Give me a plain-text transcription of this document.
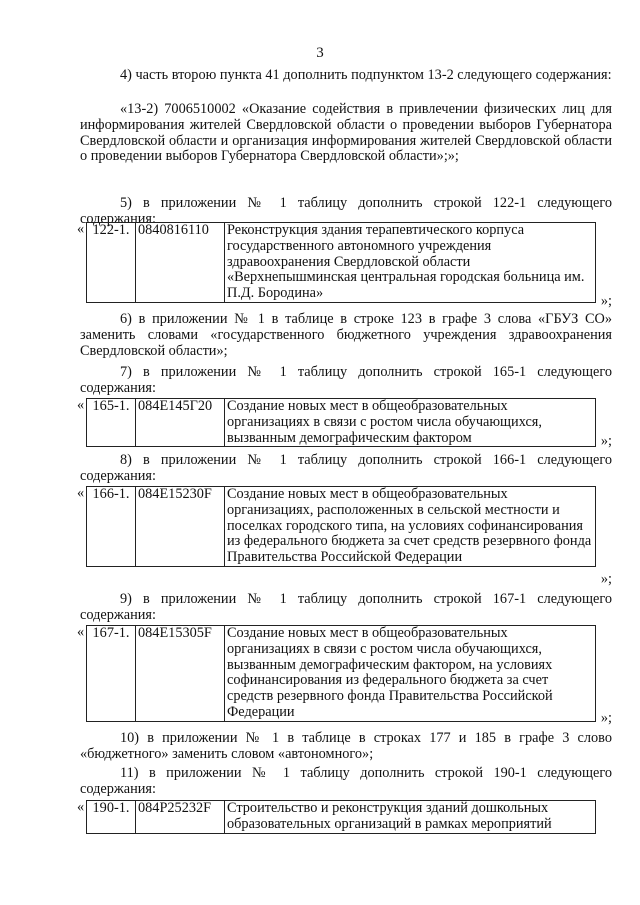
3
4) часть второю пункта 41 дополнить подпунктом 13-2 следующего содержания:
«13-2) 7006510002 «Оказание содействия в привлечении физических лиц для информирования жителей Свердловской области о проведении выборов Губернатора Свердловской области и организация информирования жителей Свердловской области о проведении выборов Губернатора Свердловской области»;»;
5) в приложении № 1 таблицу дополнить строкой 122-1 следующего содержания:
« 122-1.	0840816110	Реконструкция здания терапевтического корпуса государственного автономного учреждения здравоохранения Свердловской области «Верхнепышминская центральная городская больница им. П.Д. Бородина»
»;
6) в приложении № 1 в таблице в строке 123 в графе 3 слова «ГБУЗ СО» заменить словами «государственного бюджетного учреждения здравоохранения Свердловской области»;
7) в приложении № 1 таблицу дополнить строкой 165-1 следующего содержания:
« 165-1.	084Е145Г20	Создание новых мест в общеобразовательных организациях в связи с ростом числа обучающихся, вызванным демографическим фактором	»;
8) в приложении № 1 таблицу дополнить строкой 166-1 следующего содержания:
« 166-1.	084Е15230F	Создание новых мест в общеобразовательных организациях, расположенных в сельской местности и поселках городского типа, на условиях софинансирования из федерального бюджета за счет средств резервного фонда Правительства Российской Федерации
»;
9) в приложении № 1 таблицу дополнить строкой 167-1 следующего содержания:
« 167-1.	084Е15305F	Создание новых мест в общеобразовательных организациях в связи с ростом числа обучающихся, вызванным демографическим фактором, на условиях софинансирования из федерального бюджета за счет средств резервного фонда Правительства Российской Федерации	»;
10) в приложении № 1 в таблице в строках 177 и 185 в графе 3 слово «бюджетного» заменить словом «автономного»;
11) в приложении № 1 таблицу дополнить строкой 190-1 следующего содержания:
« 190-1.	084Р25232F	Строительство и реконструкция зданий дошкольных образовательных организаций в рамках мероприятий
